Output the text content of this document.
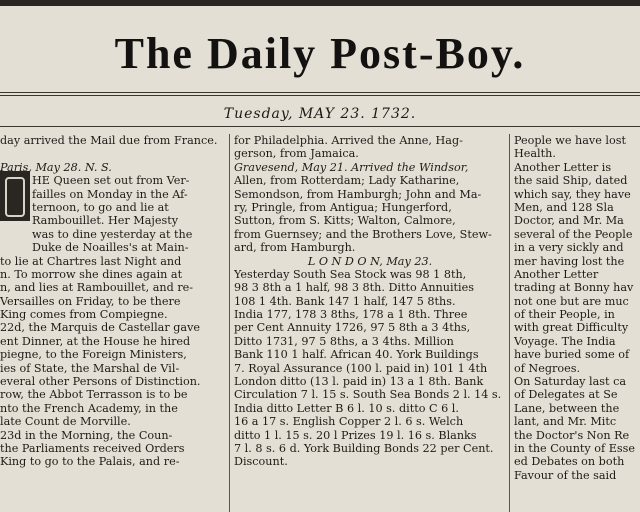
The Daily Post-Boy.
Tuesday, MAY 23. 1732.
day arrived the Mail due from France.
Paris, May 28. N. S.
HE Queen set out from Ver-
failles on Monday in the Af-
ternoon, to go and lie at
Rambouillet. Her Majesty
was to dine yesterday at the
Duke de Noailles's at Main-
to lie at Chartres last Night and
n. To morrow she dines again at
n, and lies at Rambouillet, and re-
Versailles on Friday, to be there
King comes from Compiegne.
22d, the Marquis de Castellar gave
ent Dinner, at the House he hired
piegne, to the Foreign Ministers,
ies of State, the Marshal de Vil-
everal other Persons of Distinction.
row, the Abbot Terrasson is to be
nto the French Academy, in the
late Count de Morville.
23d in the Morning, the Coun-
the Parliaments received Orders
King to go to the Palais, and re-
for Philadelphia. Arrived the Anne, Hag-
gerson, from Jamaica.
Gravesend, May 21. Arrived the Windsor,
Allen, from Rotterdam; Lady Katharine,
Semondson, from Hamburgh; John and Ma-
ry, Pringle, from Antigua; Hungerford,
Sutton, from S. Kitts; Walton, Calmore,
from Guernsey; and the Brothers Love, Stew-
ard, from Hamburgh.
L O N D O N, May 23.
Yesterday South Sea Stock was 98 1 8th,
98 3 8th a 1 half, 98 3 8th. Ditto Annuities
108 1 4th. Bank 147 1 half, 147 5 8ths.
India 177, 178 3 8ths, 178 a 1 8th. Three
per Cent Annuity 1726, 97 5 8th a 3 4ths,
Ditto 1731, 97 5 8ths, a 3 4ths. Million
Bank 110 1 half. African 40. York Buildings
7. Royal Assurance (100 l. paid in) 101 1 4th
London ditto (13 l. paid in) 13 a 1 8th. Bank
Circulation 7 l. 15 s. South Sea Bonds 2 l. 14 s.
India ditto Letter B 6 l. 10 s. ditto C 6 l.
16 a 17 s. English Copper 2 l. 6 s. Welch
ditto 1 l. 15 s. 20 l Prizes 19 l. 16 s. Blanks
7 l. 8 s. 6 d. York Building Bonds 22 per Cent.
Discount.
People we have lost
Health.
Another Letter is
the said Ship, dated
which say, they have
Men, and 128 Sla
Doctor, and Mr. Ma
several of the People
in a very sickly and
mer having lost the
Another Letter
trading at Bonny hav
not one but are muc
of their People, in
with great Difficulty
Voyage. The India
have buried some of
of Negroes.
On Saturday last ca
of Delegates at Se
Lane, between the
lant, and Mr. Mitc
the Doctor's Non Re
in the County of Esse
ed Debates on both
Favour of the said
